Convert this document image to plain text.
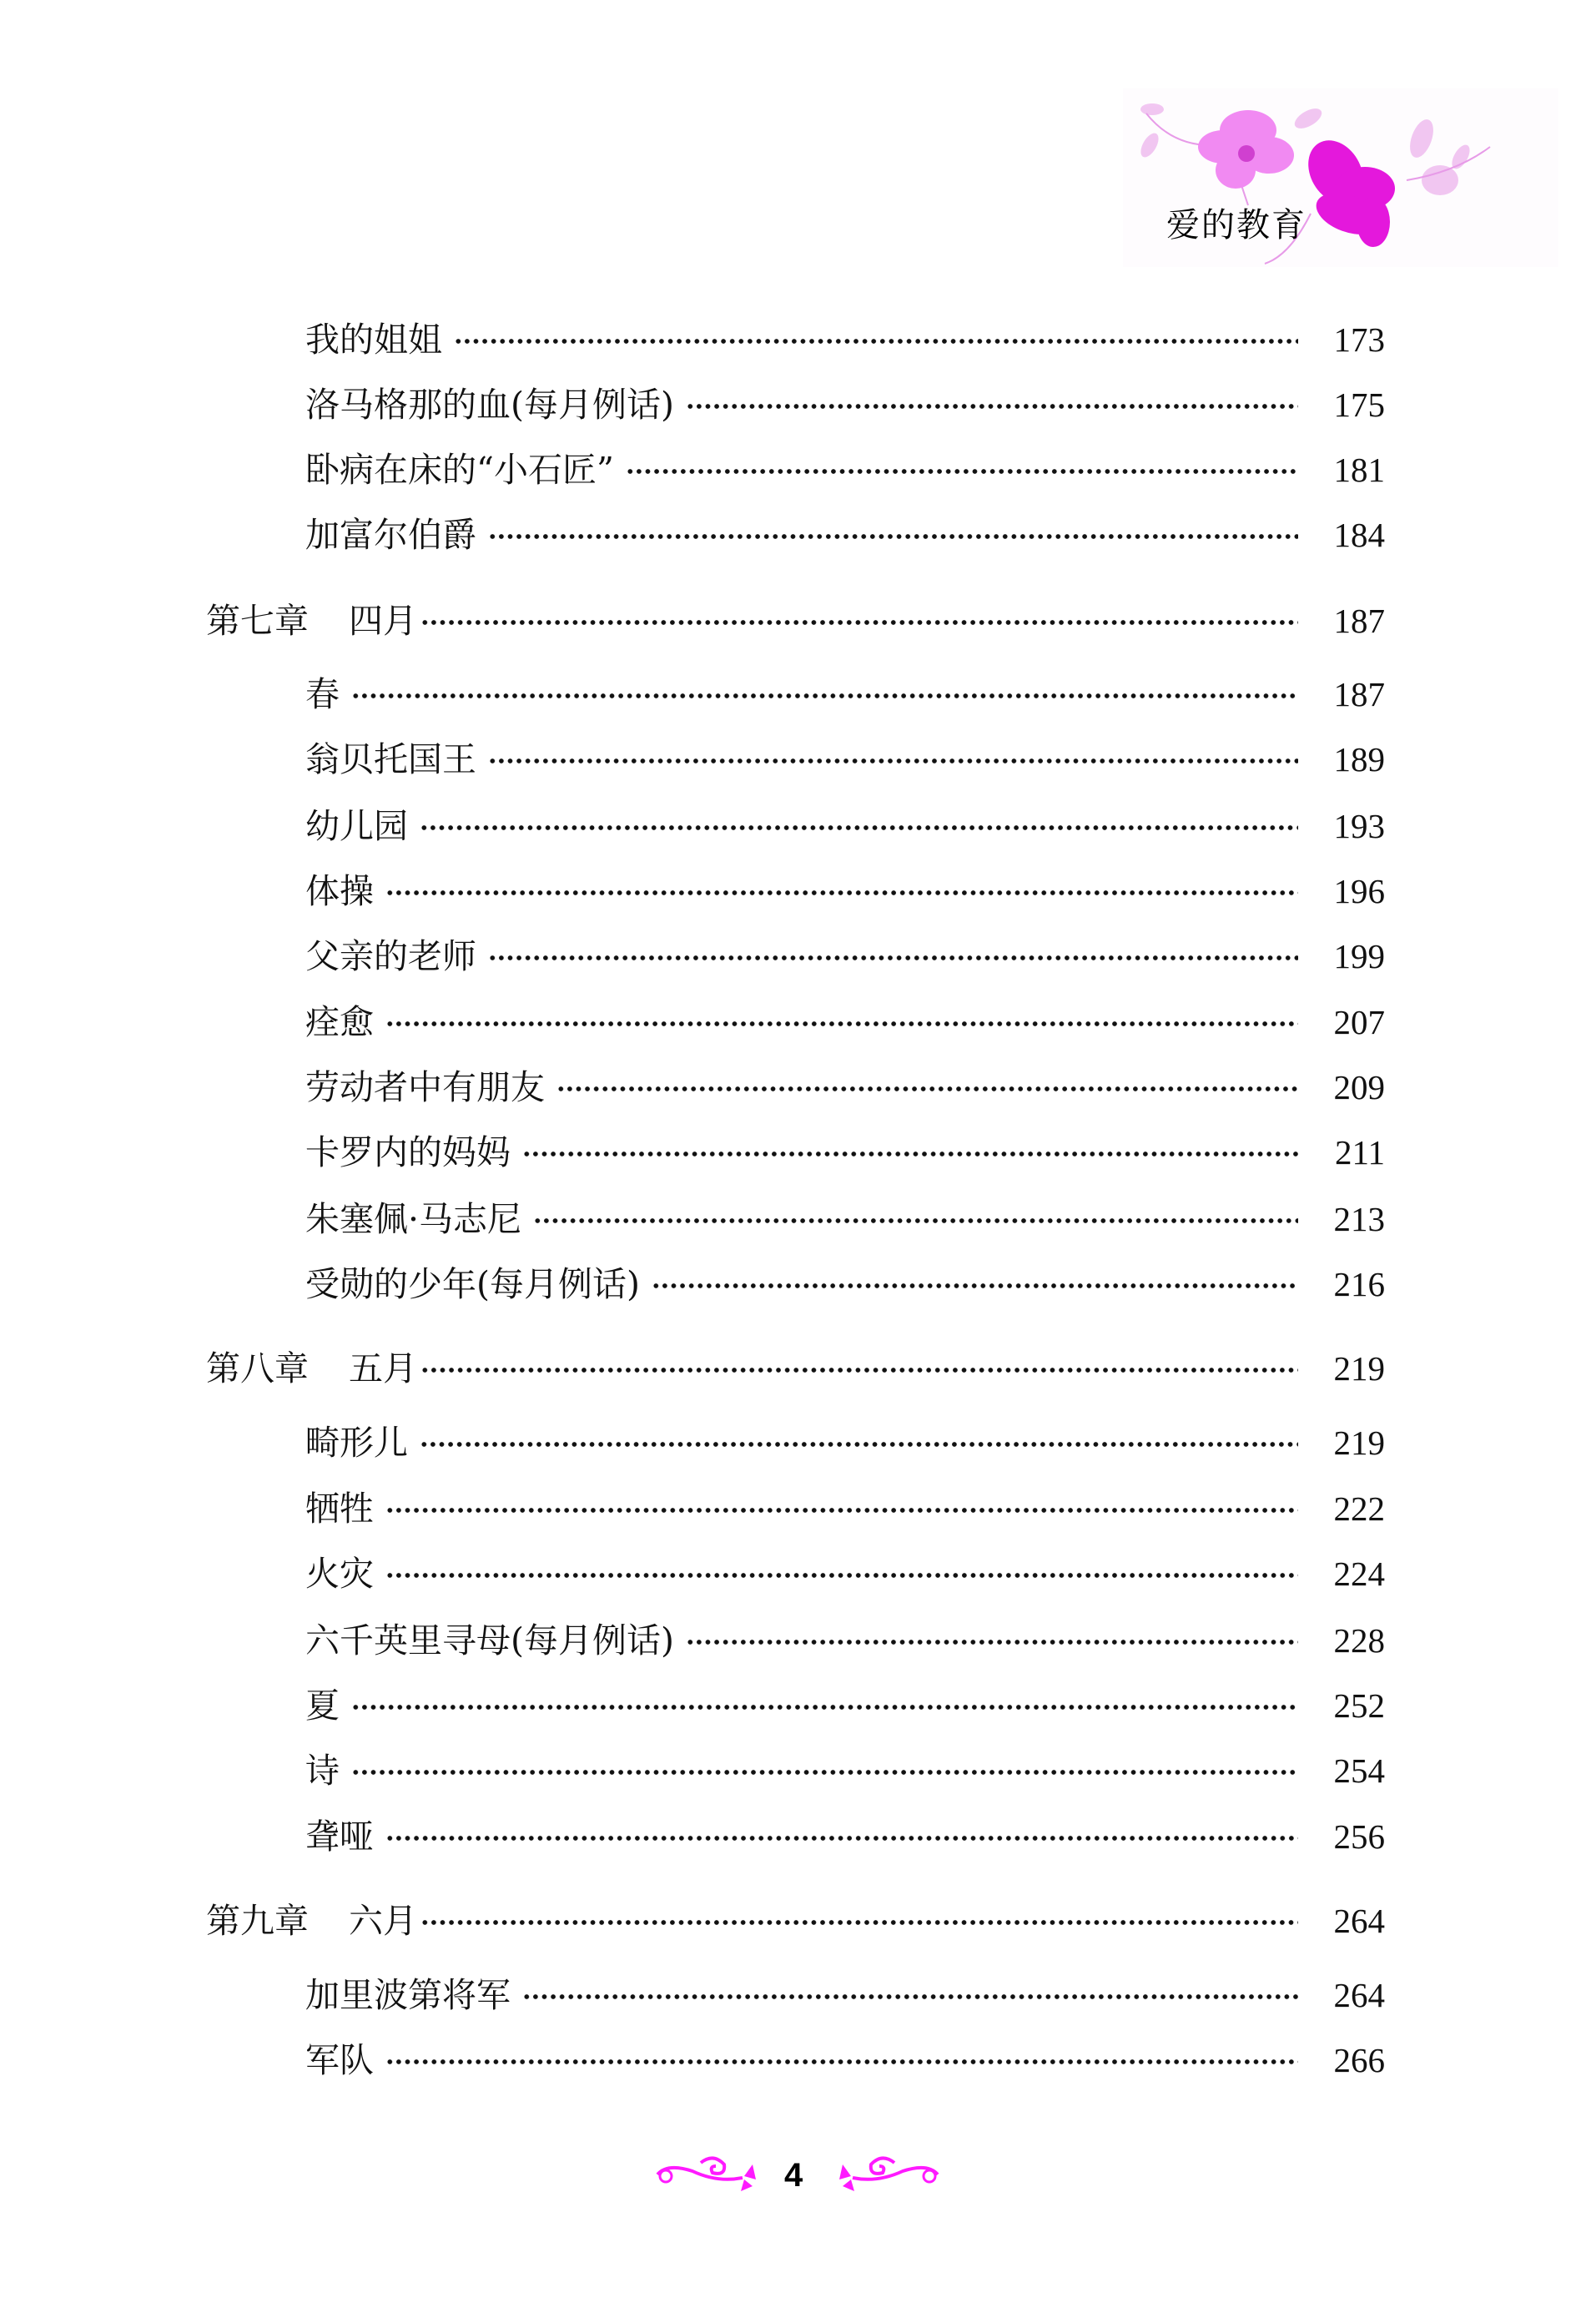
爱的教育
我的姐姐	173
洛马格那的血(每月例话)	175
卧病在床的“小石匠”	181
加富尔伯爵	184
第七章 四月	187
春	187
翁贝托国王	189
幼儿园	193
体操	196
父亲的老师	199
痊愈	207
劳动者中有朋友	209
卡罗内的妈妈	211
朱塞佩·马志尼	213
受勋的少年(每月例话)	216
第八章 五月	219
畸形儿	219
牺牲	222
火灾	224
六千英里寻母(每月例话)	228
夏	252
诗	254
聋哑	256
第九章 六月	264
加里波第将军	264
军队	266
4
